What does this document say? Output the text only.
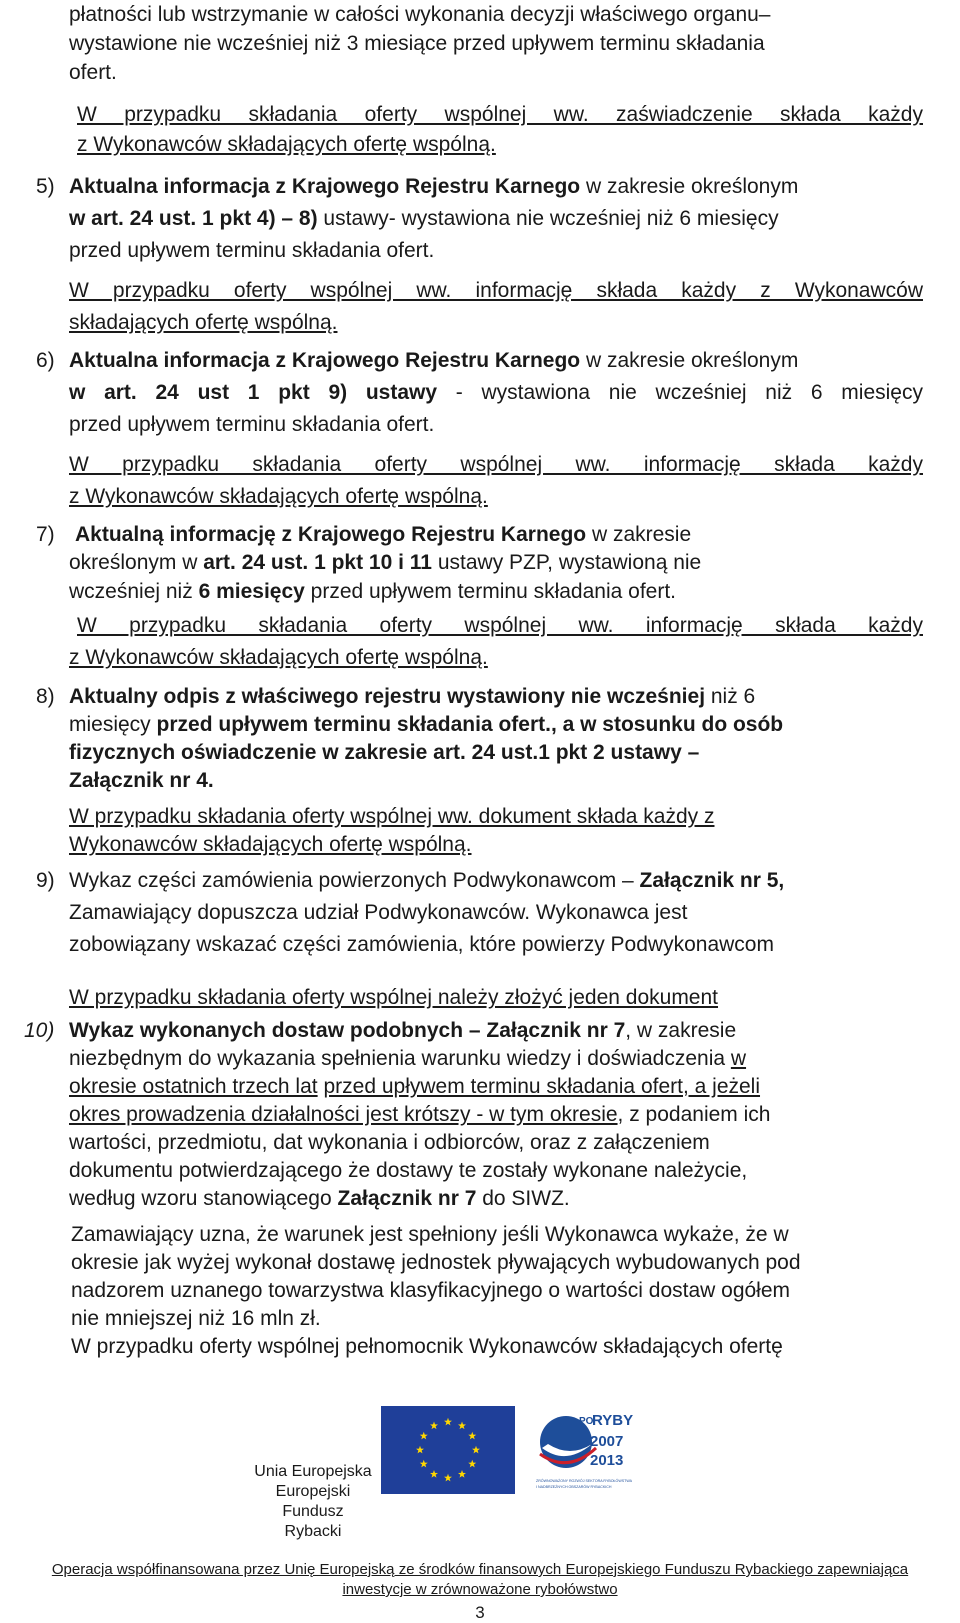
płatności lub wstrzymanie w całości wykonania decyzji właściwego organu–
wystawione nie wcześniej niż 3 miesiące przed upływem terminu składania
ofert.
W przypadku składania oferty wspólnej ww. zaświadczenie składa każdy
z Wykonawców składających ofertę wspólną.
5) Aktualna informacja z Krajowego Rejestru Karnego w zakresie określonym
w art. 24 ust. 1 pkt 4) – 8) ustawy- wystawiona nie wcześniej niż 6 miesięcy
przed upływem terminu składania ofert.
W przypadku oferty wspólnej ww. informację składa każdy z Wykonawców
składających ofertę wspólną.
6) Aktualna informacja z Krajowego Rejestru Karnego w zakresie określonym
w art. 24 ust 1 pkt 9) ustawy - wystawiona nie wcześniej niż 6 miesięcy
przed upływem terminu składania ofert.
W przypadku składania oferty wspólnej ww. informację składa każdy
z Wykonawców składających ofertę wspólną.
7) Aktualną informację z Krajowego Rejestru Karnego w zakresie
określonym w art. 24 ust. 1 pkt 10 i 11 ustawy PZP, wystawioną nie
wcześniej niż 6 miesięcy przed upływem terminu składania ofert.
W przypadku składania oferty wspólnej ww. informację składa każdy
z Wykonawców składających ofertę wspólną.
8) Aktualny odpis z właściwego rejestru wystawiony nie wcześniej niż 6
miesięcy przed upływem terminu składania ofert., a w stosunku do osób
fizycznych oświadczenie w zakresie art. 24 ust.1 pkt 2 ustawy –
Załącznik nr 4.
W przypadku składania oferty wspólnej ww. dokument składa każdy z
Wykonawców składających ofertę wspólną.
9) Wykaz części zamówienia powierzonych Podwykonawcom – Załącznik nr 5,
Zamawiający dopuszcza udział Podwykonawców. Wykonawca jest
zobowiązany wskazać części zamówienia, które powierzy Podwykonawcom
W przypadku składania oferty wspólnej należy złożyć jeden dokument
10) Wykaz wykonanych dostaw podobnych – Załącznik nr 7, w zakresie
niezbędnym do wykazania spełnienia warunku wiedzy i doświadczenia w
okresie ostatnich trzech lat przed upływem terminu składania ofert, a jeżeli
okres prowadzenia działalności jest krótszy - w tym okresie, z podaniem ich
wartości, przedmiotu, dat wykonania i odbiorców, oraz z załączeniem
dokumentu potwierdzającego że dostawy te zostały wykonane należycie,
według wzoru stanowiącego Załącznik nr 7 do SIWZ.
Zamawiający uzna, że warunek jest spełniony jeśli Wykonawca wykaże, że w
okresie jak wyżej wykonał dostawę jednostek pływających wybudowanych pod
nadzorem uznanego towarzystwa klasyfikacyjnego o wartości dostaw ogółem
nie mniejszej niż 16 mln zł.
W przypadku oferty wspólnej pełnomocnik Wykonawców składających ofertę
Unia Europejska
Europejski
Fundusz
Rybacki
PO
RYBY
2007
2013
ZRÓWNOWAŻONY ROZWÓJ SEKTORA RYBOŁÓWSTWA
I NADBRZEŻNYCH OBSZARÓW RYBACKICH
Operacja współfinansowana przez Unię Europejską ze środków finansowych Europejskiego Funduszu Rybackiego zapewniająca
inwestycje w zrównoważone rybołówstwo
3
